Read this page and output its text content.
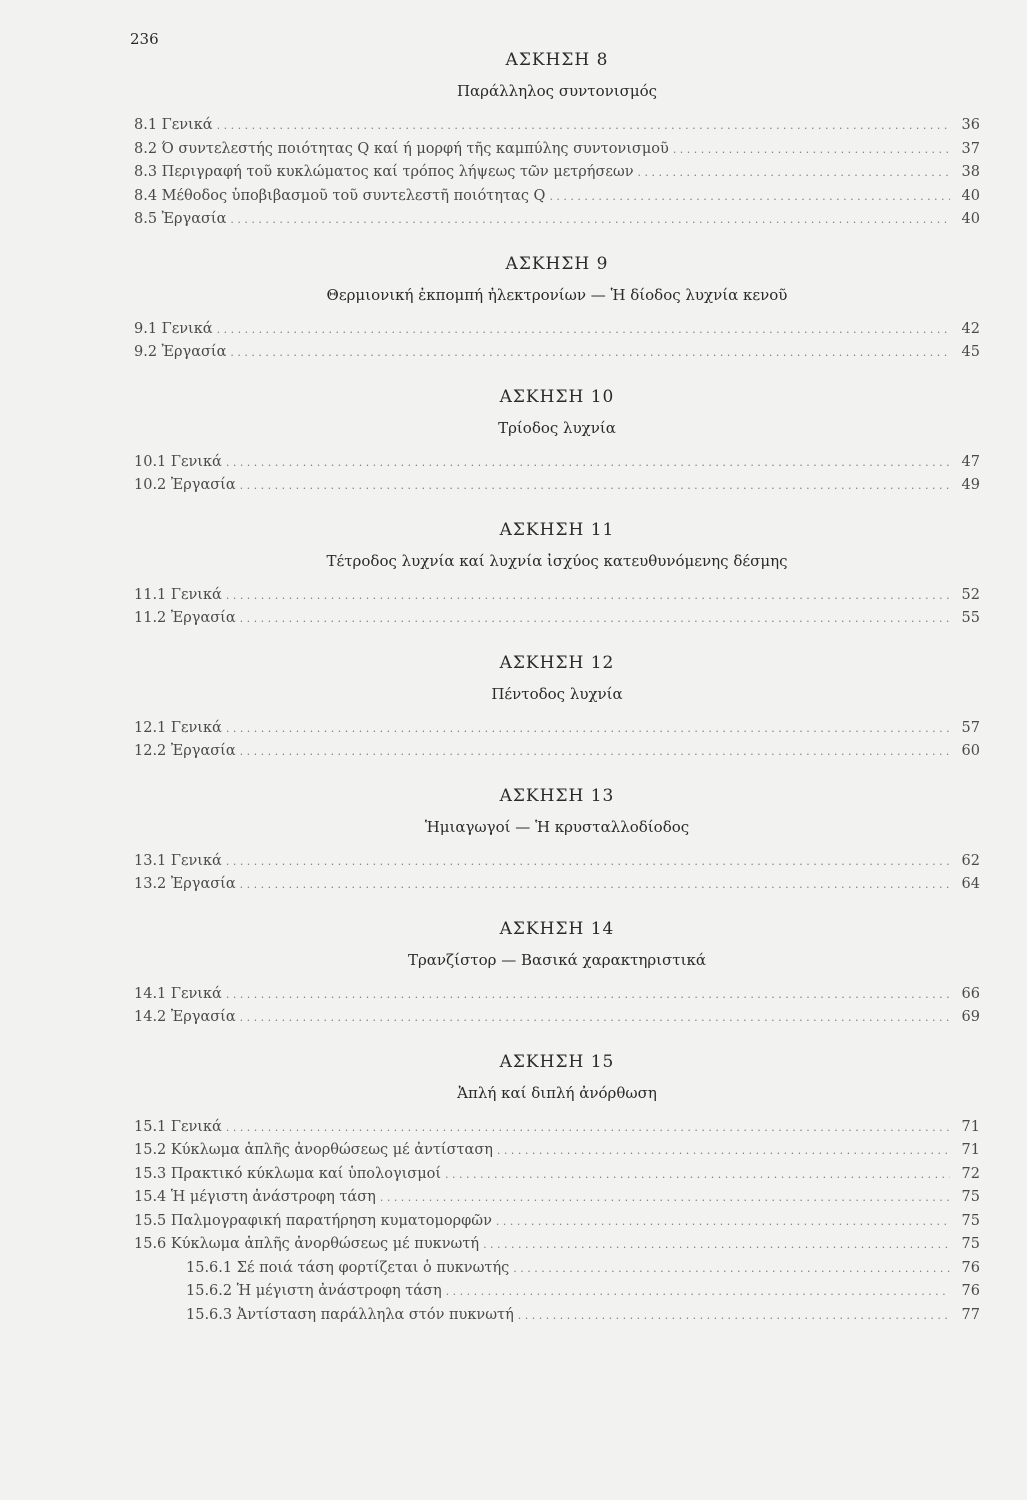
236
ΑΣΚΗΣΗ 8
Παράλληλος συντονισμός
8.1 Γενικά . . .	36
8.2 Ό συντελεστής ποιότητας Q καί ή μορφή τῆς καμπύλης συντονισμοῦ . . .	37
8.3 Περιγραφή τοῦ κυκλώματος καί τρόπος λήψεως τῶν μετρήσεων . . .	38
8.4 Μέθοδος ὑποβιβασμοῦ τοῦ συντελεστῆ ποιότητας Q . . .	40
8.5 Ἐργασία . . .	40
ΑΣΚΗΣΗ 9
Θερμιονική ἐκπομπή ἠλεκτρονίων — Ἡ δίοδος λυχνία κενοῦ
9.1 Γενικά . . .	42
9.2 Ἐργασία . . .	45
ΑΣΚΗΣΗ 10
Τρίοδος λυχνία
10.1 Γενικά . . .	47
10.2 Ἐργασία . . .	49
ΑΣΚΗΣΗ 11
Τέτροδος λυχνία καί λυχνία ἰσχύος κατευθυνόμενης δέσμης
11.1 Γενικά . . .	52
11.2 Ἐργασία . . .	55
ΑΣΚΗΣΗ 12
Πέντοδος λυχνία
12.1 Γενικά . . .	57
12.2 Ἐργασία . . .	60
ΑΣΚΗΣΗ 13
Ἡμιαγωγοί — Ἡ κρυσταλλοδίοδος
13.1 Γενικά . . .	62
13.2 Ἐργασία . . .	64
ΑΣΚΗΣΗ 14
Τρανζίστορ — Βασικά χαρακτηριστικά
14.1 Γενικά . . .	66
14.2 Ἐργασία . . .	69
ΑΣΚΗΣΗ 15
Ἁπλή καί διπλή ἀνόρθωση
15.1 Γενικά . . .	71
15.2 Κύκλωμα ἁπλῆς ἀνορθώσεως μέ ἀντίσταση . . .	71
15.3 Πρακτικό κύκλωμα καί ὑπολογισμοί . . .	72
15.4 Ἡ μέγιστη ἀνάστροφη τάση . . .	75
15.5 Παλμογραφική παρατήρηση κυματομορφῶν . . .	75
15.6 Κύκλωμα ἁπλῆς ἀνορθώσεως μέ πυκνωτή . . .	75
15.6.1 Σέ ποιά τάση φορτίζεται ὁ πυκνωτής . . .	76
15.6.2 Ἡ μέγιστη ἀνάστροφη τάση . . .	76
15.6.3 Ἀντίσταση παράλληλα στόν πυκνωτή . . .	77
